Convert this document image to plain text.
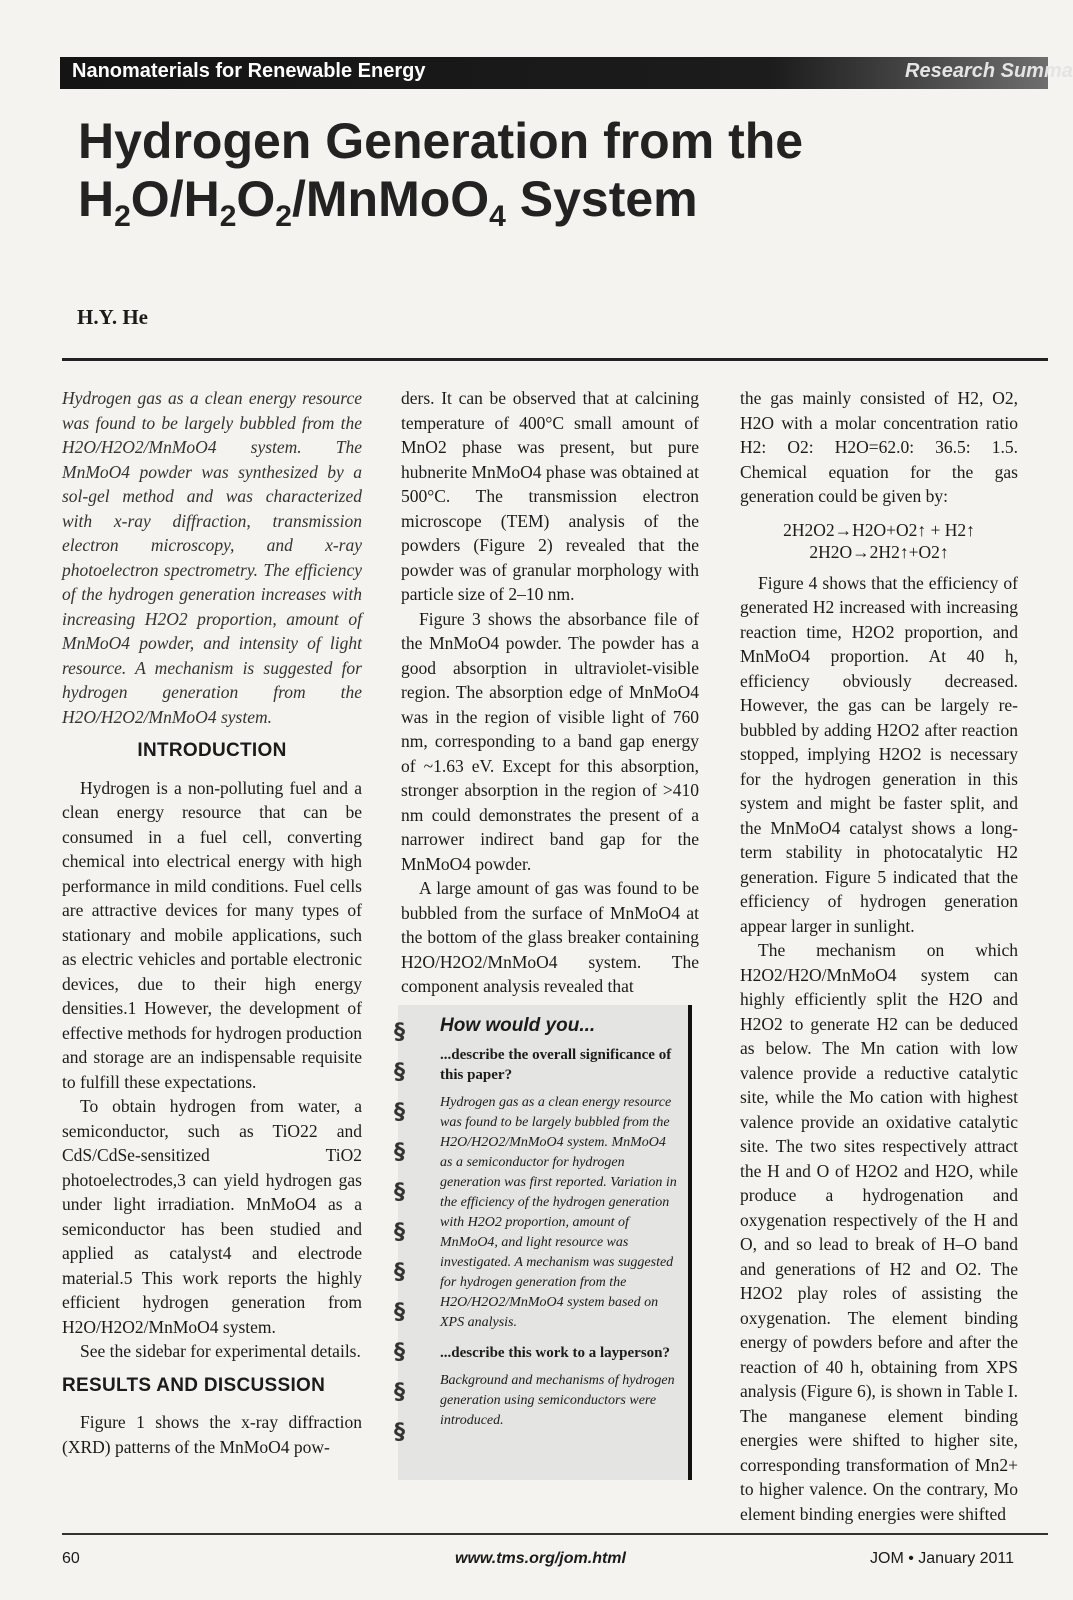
Nanomaterials for Renewable Energy	Research Summa
Hydrogen Generation from the
$H_2O/H_2O_2/MnMoO_4$ System
H.Y. He

Hydrogen gas as a clean energy resource was found to be largely bubbled from the H2O/H2O2/MnMoO4 system. The MnMoO4 powder was synthesized by a sol-gel method and was characterized with x-ray diffraction, transmission electron microscopy, and x-ray photoelectron spectrometry. The efficiency of the hydrogen generation increases with increasing H2O2 proportion, amount of MnMoO4 powder, and intensity of light resource. A mechanism is suggested for hydrogen generation from the H2O/H2O2/MnMoO4 system.

INTRODUCTION

Hydrogen is a non-polluting fuel and a clean energy resource that can be consumed in a fuel cell, converting chemical into electrical energy with high performance in mild conditions. Fuel cells are attractive devices for many types of stationary and mobile applications, such as electric vehicles and portable electronic devices, due to their high energy densities.1 However, the development of effective methods for hydrogen production and storage are an indispensable requisite to fulfill these expectations.

To obtain hydrogen from water, a semiconductor, such as TiO22 and CdS/CdSe-sensitized TiO2 photoelectrodes,3 can yield hydrogen gas under light irradiation. MnMoO4 as a semiconductor has been studied and applied as catalyst4 and electrode material.5 This work reports the highly efficient hydrogen generation from H2O/H2O2/MnMoO4 system.

See the sidebar for experimental details.

RESULTS AND DISCUSSION

Figure 1 shows the x-ray diffraction (XRD) patterns of the MnMoO4 pow-

ders. It can be observed that at calcining temperature of 400°C small amount of MnO2 phase was present, but pure hubnerite MnMoO4 phase was obtained at 500°C. The transmission electron microscope (TEM) analysis of the powders (Figure 2) revealed that the powder was of granular morphology with particle size of 2–10 nm.

Figure 3 shows the absorbance file of the MnMoO4 powder. The powder has a good absorption in ultraviolet-visible region. The absorption edge of MnMoO4 was in the region of visible light of 760 nm, corresponding to a band gap energy of ~1.63 eV. Except for this absorption, stronger absorption in the region of >410 nm could demonstrates the present of a narrower indirect band gap for the MnMoO4 powder.

A large amount of gas was found to be bubbled from the surface of MnMoO4 at the bottom of the glass breaker containing H2O/H2O2/MnMoO4 system. The component analysis revealed that

§
§
§
§
§
§
§
§
§
§
§
How would you...

...describe the overall significance of this paper?

Hydrogen gas as a clean energy resource was found to be largely bubbled from the H2O/H2O2/MnMoO4 system. MnMoO4 as a semiconductor for hydrogen generation was first reported. Variation in the efficiency of the hydrogen generation with H2O2 proportion, amount of MnMoO4, and light resource was investigated. A mechanism was suggested for hydrogen generation from the H2O/H2O2/MnMoO4 system based on XPS analysis.

...describe this work to a layperson?

Background and mechanisms of hydrogen generation using semiconductors were introduced.

the gas mainly consisted of H2, O2, H2O with a molar concentration ratio H2: O2: H2O=62.0: 36.5: 1.5. Chemical equation for the gas generation could be given by:

2H2O2→H2O+O2↑ + H2↑
2H2O→2H2↑+O2↑

Figure 4 shows that the efficiency of generated H2 increased with increasing reaction time, H2O2 proportion, and MnMoO4 proportion. At 40 h, efficiency obviously decreased. However, the gas can be largely re-bubbled by adding H2O2 after reaction stopped, implying H2O2 is necessary for the hydrogen generation in this system and might be faster split, and the MnMoO4 catalyst shows a long-term stability in photocatalytic H2 generation. Figure 5 indicated that the efficiency of hydrogen generation appear larger in sunlight.

The mechanism on which H2O2/H2O/MnMoO4 system can highly efficiently split the H2O and H2O2 to generate H2 can be deduced as below. The Mn cation with low valence provide a reductive catalytic site, while the Mo cation with highest valence provide an oxidative catalytic site. The two sites respectively attract the H and O of H2O2 and H2O, while produce a hydrogenation and oxygenation respectively of the H and O, and so lead to break of H–O band and generations of H2 and O2. The H2O2 play roles of assisting the oxygenation. The element binding energy of powders before and after the reaction of 40 h, obtaining from XPS analysis (Figure 6), is shown in Table I. The manganese element binding energies were shifted to higher site, corresponding transformation of Mn2+ to higher valence. On the contrary, Mo element binding energies were shifted

60	www.tms.org/jom.html	JOM • January 2011
